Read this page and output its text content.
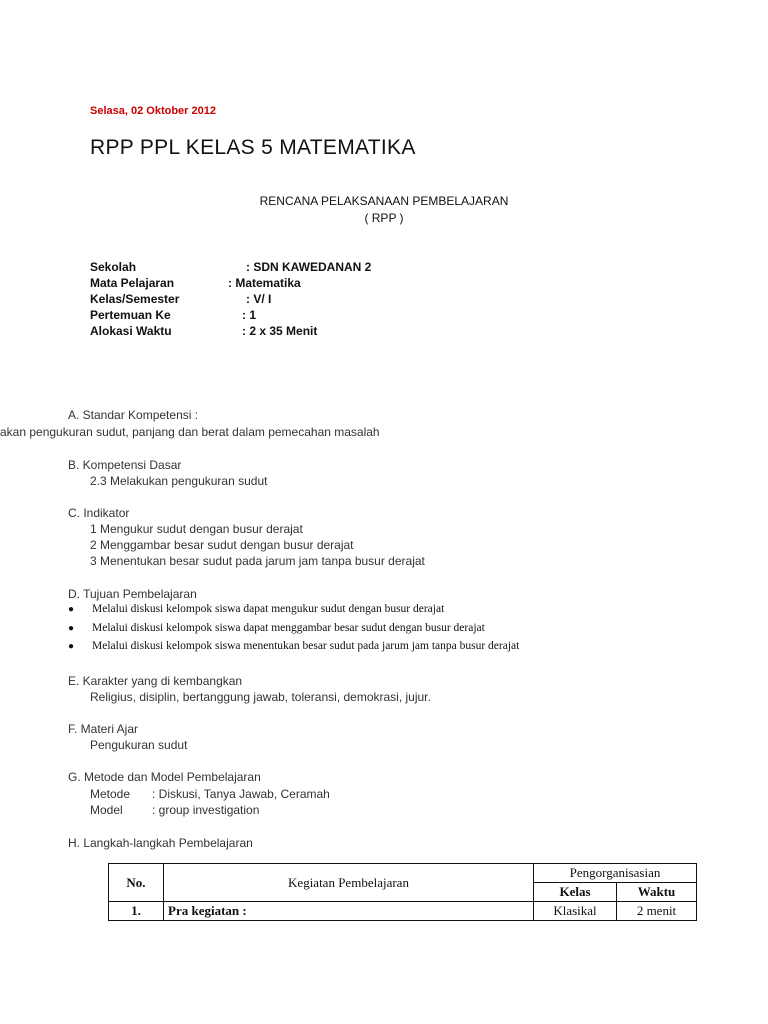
Selasa, 02 Oktober 2012
RPP PPL KELAS 5 MATEMATIKA
RENCANA PELAKSANAAN PEMBELAJARAN
( RPP )
Sekolah	: SDN KAWEDANAN 2
Mata Pelajaran	: Matematika
Kelas/Semester	: V/ I
Pertemuan Ke	: 1
Alokasi Waktu	: 2 x 35 Menit
A. Standar Kompetensi :
akan pengukuran sudut, panjang dan berat dalam pemecahan masalah
B. Kompetensi Dasar
2.3 Melakukan pengukuran sudut
C. Indikator
1 Mengukur sudut dengan busur derajat
2 Menggambar besar sudut dengan busur derajat
3 Menentukan besar sudut pada jarum jam tanpa busur derajat
D. Tujuan Pembelajaran
● Melalui diskusi kelompok siswa dapat mengukur sudut dengan busur derajat
● Melalui diskusi kelompok siswa dapat menggambar besar sudut dengan busur derajat
● Melalui diskusi kelompok siswa menentukan besar sudut pada jarum jam tanpa busur derajat
E. Karakter yang di kembangkan
Religius, disiplin, bertanggung jawab, toleransi, demokrasi, jujur.
F. Materi Ajar
Pengukuran sudut
G. Metode dan Model Pembelajaran
Metode : Diskusi, Tanya Jawab, Ceramah
Model : group investigation
H. Langkah-langkah Pembelajaran
No.	Kegiatan Pembelajaran	Pengorganisasian	
		Kelas	Waktu
1.	Pra kegiatan :	Klasikal	2 menit
